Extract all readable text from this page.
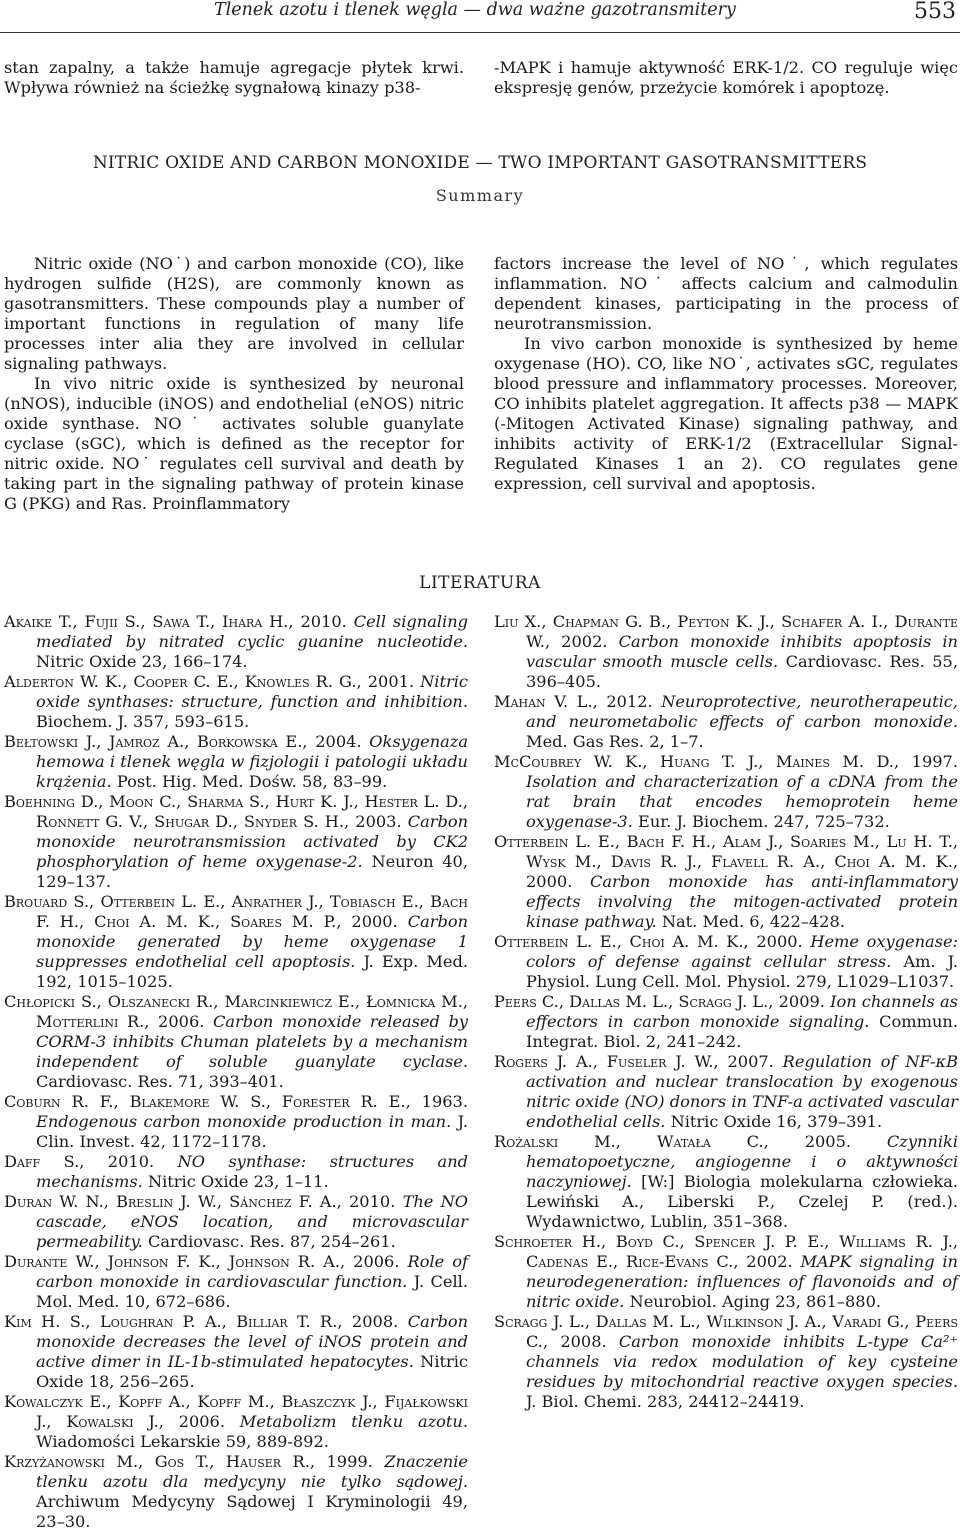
Tlenek azotu i tlenek węgla — dwa ważne gazotransmitery	553

stan zapalny, a także hamuje agregacje płytek krwi. Wpływa również na ścieżkę sygnałową kinazy p38-

-MAPK i hamuje aktywność ERK-1/2. CO reguluje więc ekspresję genów, przeżycie komórek i apoptozę.

NITRIC OXIDE AND CARBON MONOXIDE — TWO IMPORTANT GASOTRANSMITTERS
Summary

Nitric oxide (NO˙) and carbon monoxide (CO), like hydrogen sulfide (H2S), are commonly known as gasotransmitters. These compounds play a number of important functions in regulation of many life processes inter alia they are involved in cellular signaling pathways.

In vivo nitric oxide is synthesized by neuronal (nNOS), inducible (iNOS) and endothelial (eNOS) nitric oxide synthase. NO˙ activates soluble guanylate cyclase (sGC), which is defined as the receptor for nitric oxide. NO˙ regulates cell survival and death by taking part in the signaling pathway of protein kinase G (PKG) and Ras. Proinflammatory

factors increase the level of NO˙, which regulates inflammation. NO˙ affects calcium and calmodulin dependent kinases, participating in the process of neurotransmission.

In vivo carbon monoxide is synthesized by heme oxygenase (HO). CO, like NO˙, activates sGC, regulates blood pressure and inflammatory processes. Moreover, CO inhibits platelet aggregation. It affects p38 — MAPK (-Mitogen Activated Kinase) signaling pathway, and inhibits activity of ERK-1/2 (Extracellular Signal-Regulated Kinases 1 an 2). CO regulates gene expression, cell survival and apoptosis.

LITERATURA

Akaike T., Fujii S., Sawa T., Ihara H., 2010. Cell signaling mediated by nitrated cyclic guanine nucleotide. Nitric Oxide 23, 166–174.

Alderton W. K., Cooper C. E., Knowles R. G., 2001. Nitric oxide synthases: structure, function and inhibition. Biochem. J. 357, 593–615.

Bełtowski J., Jamroz A., Borkowska E., 2004. Oksygenaza hemowa i tlenek węgla w fizjologii i patologii układu krążenia. Post. Hig. Med. Dośw. 58, 83–99.

Boehning D., Moon C., Sharma S., Hurt K. J., Hester L. D., Ronnett G. V., Shugar D., Snyder S. H., 2003. Carbon monoxide neurotransmission activated by CK2 phosphorylation of heme oxygenase-2. Neuron 40, 129–137.

Brouard S., Otterbein L. E., Anrather J., Tobiasch E., Bach F. H., Choi A. M. K., Soares M. P., 2000. Carbon monoxide generated by heme oxygenase 1 suppresses endothelial cell apoptosis. J. Exp. Med. 192, 1015–1025.

Chłopicki S., Olszanecki R., Marcinkiewicz E., Łomnicka M., Motterlini R., 2006. Carbon monoxide released by CORM-3 inhibits Chuman platelets by a mechanism independent of soluble guanylate cyclase. Cardiovasc. Res. 71, 393–401.

Coburn R. F., Blakemore W. S., Forester R. E., 1963. Endogenous carbon monoxide production in man. J. Clin. Invest. 42, 1172–1178.

Daff S., 2010. NO synthase: structures and mechanisms. Nitric Oxide 23, 1–11.

Duran W. N., Breslin J. W., Sánchez F. A., 2010. The NO cascade, eNOS location, and microvascular permeability. Cardiovasc. Res. 87, 254–261.

Durante W., Johnson F. K., Johnson R. A., 2006. Role of carbon monoxide in cardiovascular function. J. Cell. Mol. Med. 10, 672–686.

Kim H. S., Loughran P. A., Billiar T. R., 2008. Carbon monoxide decreases the level of iNOS protein and active dimer in IL-1b-stimulated hepatocytes. Nitric Oxide 18, 256–265.

Kowalczyk E., Kopff A., Kopff M., Błaszczyk J., Fijałkowski J., Kowalski J., 2006. Metabolizm tlenku azotu. Wiadomości Lekarskie 59, 889-892.

Krzyżanowski M., Gos T., Hauser R., 1999. Znaczenie tlenku azotu dla medycyny nie tylko sądowej. Archiwum Medycyny Sądowej I Kryminologii 49, 23–30.

Liu X., Chapman G. B., Peyton K. J., Schafer A. I., Durante W., 2002. Carbon monoxide inhibits apoptosis in vascular smooth muscle cells. Cardiovasc. Res. 55, 396–405.

Mahan V. L., 2012. Neuroprotective, neurotherapeutic, and neurometabolic effects of carbon monoxide. Med. Gas Res. 2, 1–7.

McCoubrey W. K., Huang T. J., Maines M. D., 1997. Isolation and characterization of a cDNA from the rat brain that encodes hemoprotein heme oxygenase-3. Eur. J. Biochem. 247, 725–732.

Otterbein L. E., Bach F. H., Alam J., Soaries M., Lu H. T., Wysk M., Davis R. J., Flavell R. A., Choi A. M. K., 2000. Carbon monoxide has anti-inflammatory effects involving the mitogen-activated protein kinase pathway. Nat. Med. 6, 422–428.

Otterbein L. E., Choi A. M. K., 2000. Heme oxygenase: colors of defense against cellular stress. Am. J. Physiol. Lung Cell. Mol. Physiol. 279, L1029–L1037.

Peers C., Dallas M. L., Scragg J. L., 2009. Ion channels as effectors in carbon monoxide signaling. Commun. Integrat. Biol. 2, 241–242.

Rogers J. A., Fuseler J. W., 2007. Regulation of NF-κB activation and nuclear translocation by exogenous nitric oxide (NO) donors in TNF-a activated vascular endothelial cells. Nitric Oxide 16, 379–391.

Rożalski M., Watała C., 2005. Czynniki hematopoetyczne, angiogenne i o aktywności naczyniowej. [W:] Biologia molekularna człowieka. Lewiński A., Liberski P., Czelej P. (red.). Wydawnictwo, Lublin, 351–368.

Schroeter H., Boyd C., Spencer J. P. E., Williams R. J., Cadenas E., Rice-Evans C., 2002. MAPK signaling in neurodegeneration: influences of flavonoids and of nitric oxide. Neurobiol. Aging 23, 861–880.

Scragg J. L., Dallas M. L., Wilkinson J. A., Varadi G., Peers C., 2008. Carbon monoxide inhibits L-type Ca²⁺ channels via redox modulation of key cysteine residues by mitochondrial reactive oxygen species. J. Biol. Chemi. 283, 24412–24419.
